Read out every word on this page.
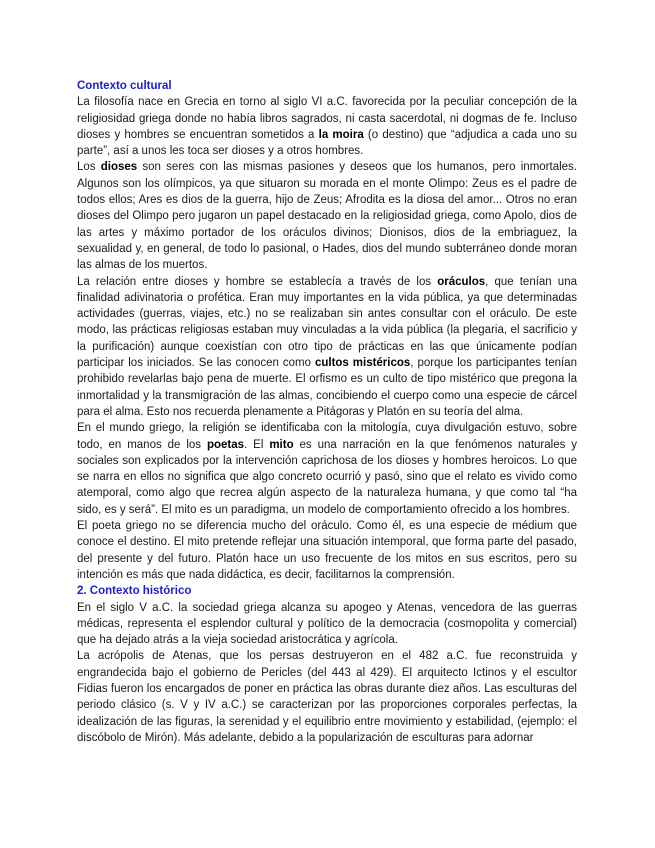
Contexto cultural

La filosofía nace en Grecia en torno al siglo VI a.C. favorecida por la peculiar concepción de la religiosidad griega donde no había libros sagrados, ni casta sacerdotal, ni dogmas de fe. Incluso dioses y hombres se encuentran sometidos a la moira (o destino) que “adjudica a cada uno su parte”, así a unos les toca ser dioses y a otros hombres.

Los dioses son seres con las mismas pasiones y deseos que los humanos, pero inmortales. Algunos son los olímpicos, ya que situaron su morada en el monte Olimpo: Zeus es el padre de todos ellos; Ares es dios de la guerra, hijo de Zeus; Afrodita es la diosa del amor... Otros no eran dioses del Olimpo pero jugaron un papel destacado en la religiosidad griega, como Apolo, dios de las artes y máximo portador de los oráculos divinos; Dionisos, dios de la embriaguez, la sexualidad y, en general, de todo lo pasional, o Hades, dios del mundo subterráneo donde moran las almas de los muertos.

La relación entre dioses y hombre se establecía a través de los oráculos, que tenían una finalidad adivinatoria o profética. Eran muy importantes en la vida pública, ya que determinadas actividades (guerras, viajes, etc.) no se realizaban sin antes consultar con el oráculo. De este modo, las prácticas religiosas estaban muy vinculadas a la vida pública (la plegaria, el sacrificio y la purificación) aunque coexistían con otro tipo de prácticas en las que únicamente podían participar los iniciados. Se las conocen como cultos mistéricos, porque los participantes tenían prohibido revelarlas bajo pena de muerte. El orfismo es un culto de tipo mistérico que pregona la inmortalidad y la transmigración de las almas, concibiendo el cuerpo como una especie de cárcel para el alma. Esto nos recuerda plenamente a Pitágoras y Platón en su teoría del alma.

En el mundo griego, la religión se identificaba con la mitología, cuya divulgación estuvo, sobre todo, en manos de los poetas. El mito es una narración en la que fenómenos naturales y sociales son explicados por la intervención caprichosa de los dioses y hombres heroicos. Lo que se narra en ellos no significa que algo concreto ocurrió y pasó, sino que el relato es vivido como atemporal, como algo que recrea algún aspecto de la naturaleza humana, y que como tal “ha sido, es y será”. El mito es un paradigma, un modelo de comportamiento ofrecido a los hombres.

El poeta griego no se diferencia mucho del oráculo. Como él, es una especie de médium que conoce el destino. El mito pretende reflejar una situación intemporal, que forma parte del pasado, del presente y del futuro. Platón hace un uso frecuente de los mitos en sus escritos, pero su intención es más que nada didáctica, es decir, facilitarnos la comprensión.

2. Contexto histórico

En el siglo V a.C. la sociedad griega alcanza su apogeo y Atenas, vencedora de las guerras médicas, representa el esplendor cultural y político de la democracia (cosmopolita y comercial) que ha dejado atrás a la vieja sociedad aristocrática y agrícola.

La acrópolis de Atenas, que los persas destruyeron en el 482 a.C. fue reconstruida y engrandecida bajo el gobierno de Pericles (del 443 al 429). El arquitecto Ictinos y el escultor Fidias fueron los encargados de poner en práctica las obras durante diez años. Las esculturas del periodo clásico (s. V y IV a.C.) se caracterizan por las proporciones corporales perfectas, la idealización de las figuras, la serenidad y el equilibrio entre movimiento y estabilidad, (ejemplo: el discóbolo de Mirón). Más adelante, debido a la popularización de esculturas para adornar
